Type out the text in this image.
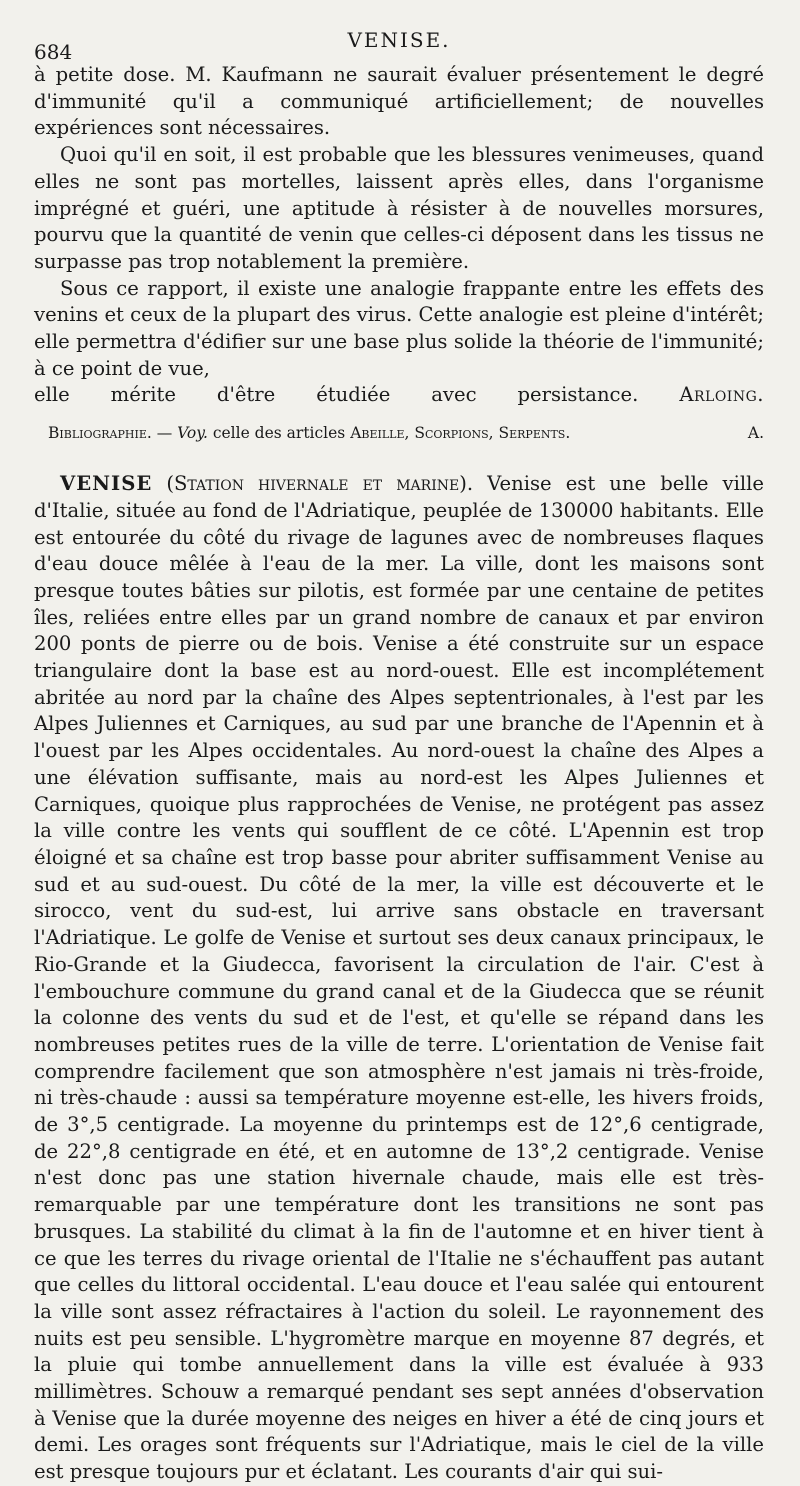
684	VENISE.

à petite dose. M. Kaufmann ne saurait évaluer présentement le degré d'immunité qu'il a communiqué artificiellement; de nouvelles expériences sont nécessaires.

Quoi qu'il en soit, il est probable que les blessures venimeuses, quand elles ne sont pas mortelles, laissent après elles, dans l'organisme imprégné et guéri, une aptitude à résister à de nouvelles morsures, pourvu que la quantité de venin que celles-ci déposent dans les tissus ne surpasse pas trop notablement la première.

Sous ce rapport, il existe une analogie frappante entre les effets des venins et ceux de la plupart des virus. Cette analogie est pleine d'intérêt; elle permettra d'édifier sur une base plus solide la théorie de l'immunité; à ce point de vue,

elle mérite d'être étudiée avec persistance. Arloing.

Bibliographie. — Voy. celle des articles Abeille, Scorpions, Serpents.	A.

VENISE (Station hivernale et marine). Venise est une belle ville d'Italie, située au fond de l'Adriatique, peuplée de 130000 habitants. Elle est entourée du côté du rivage de lagunes avec de nombreuses flaques d'eau douce mêlée à l'eau de la mer. La ville, dont les maisons sont presque toutes bâties sur pilotis, est formée par une centaine de petites îles, reliées entre elles par un grand nombre de canaux et par environ 200 ponts de pierre ou de bois. Venise a été construite sur un espace triangulaire dont la base est au nord-ouest. Elle est incomplétement abritée au nord par la chaîne des Alpes septentrionales, à l'est par les Alpes Juliennes et Carniques, au sud par une branche de l'Apennin et à l'ouest par les Alpes occidentales. Au nord-ouest la chaîne des Alpes a une élévation suffisante, mais au nord-est les Alpes Juliennes et Carniques, quoique plus rapprochées de Venise, ne protégent pas assez la ville contre les vents qui soufflent de ce côté. L'Apennin est trop éloigné et sa chaîne est trop basse pour abriter suffisamment Venise au sud et au sud-ouest. Du côté de la mer, la ville est découverte et le sirocco, vent du sud-est, lui arrive sans obstacle en traversant l'Adriatique. Le golfe de Venise et surtout ses deux canaux principaux, le Rio-Grande et la Giudecca, favorisent la circulation de l'air. C'est à l'embouchure commune du grand canal et de la Giudecca que se réunit la colonne des vents du sud et de l'est, et qu'elle se répand dans les nombreuses petites rues de la ville de terre. L'orientation de Venise fait comprendre facilement que son atmosphère n'est jamais ni très-froide, ni très-chaude : aussi sa température moyenne est-elle, les hivers froids, de 3°,5 centigrade. La moyenne du printemps est de 12°,6 centigrade, de 22°,8 centigrade en été, et en automne de 13°,2 centigrade. Venise n'est donc pas une station hivernale chaude, mais elle est très-remarquable par une température dont les transitions ne sont pas brusques. La stabilité du climat à la fin de l'automne et en hiver tient à ce que les terres du rivage oriental de l'Italie ne s'échauffent pas autant que celles du littoral occidental. L'eau douce et l'eau salée qui entourent la ville sont assez réfractaires à l'action du soleil. Le rayonnement des nuits est peu sensible. L'hygromètre marque en moyenne 87 degrés, et la pluie qui tombe annuellement dans la ville est évaluée à 933 millimètres. Schouw a remarqué pendant ses sept années d'observation à Venise que la durée moyenne des neiges en hiver a été de cinq jours et demi. Les orages sont fréquents sur l'Adriatique, mais le ciel de la ville est presque toujours pur et éclatant. Les courants d'air qui sui-
